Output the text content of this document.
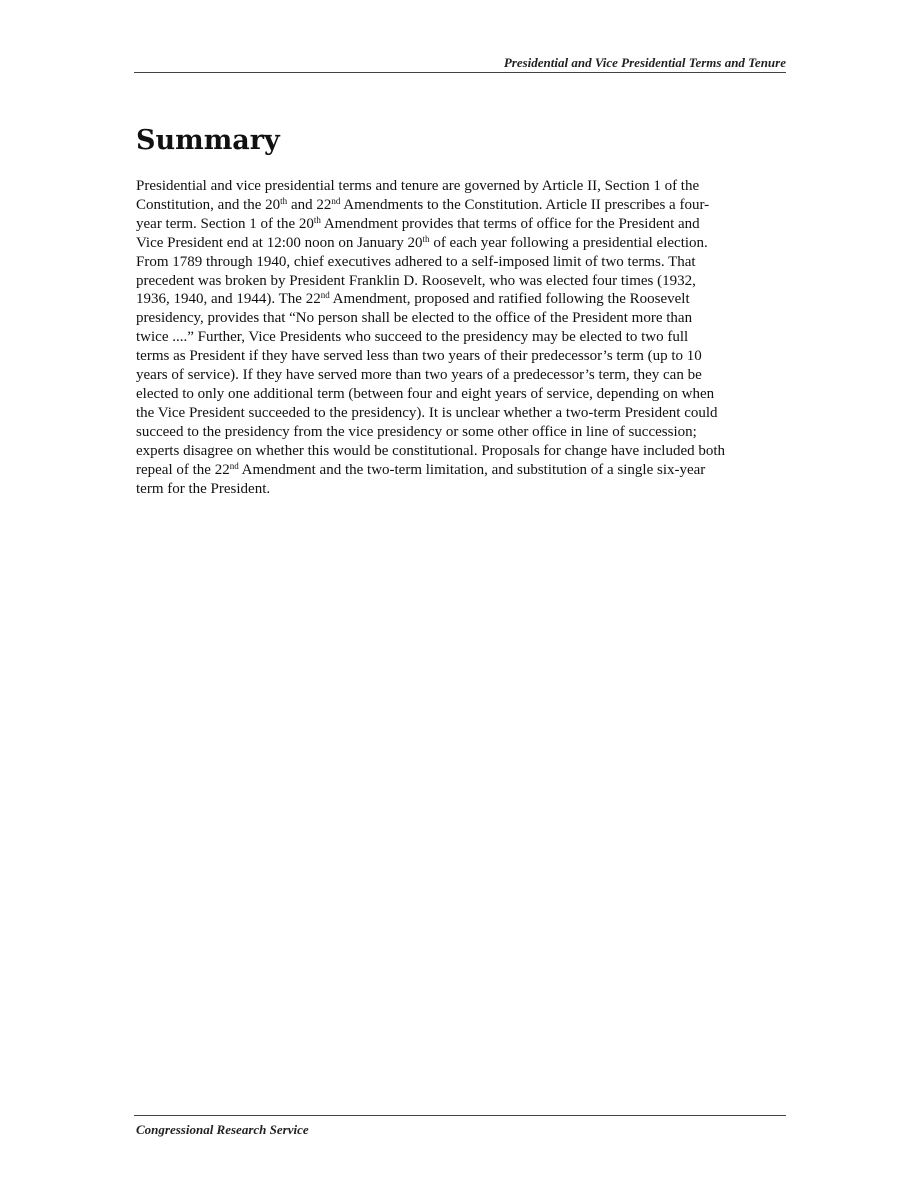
Presidential and Vice Presidential Terms and Tenure
Summary
Presidential and vice presidential terms and tenure are governed by Article II, Section 1 of the
Constitution, and the 20th and 22nd Amendments to the Constitution. Article II prescribes a four-
year term. Section 1 of the 20th Amendment provides that terms of office for the President and
Vice President end at 12:00 noon on January 20th of each year following a presidential election.
From 1789 through 1940, chief executives adhered to a self-imposed limit of two terms. That
precedent was broken by President Franklin D. Roosevelt, who was elected four times (1932,
1936, 1940, and 1944). The 22nd Amendment, proposed and ratified following the Roosevelt
presidency, provides that “No person shall be elected to the office of the President more than
twice ....” Further, Vice Presidents who succeed to the presidency may be elected to two full
terms as President if they have served less than two years of their predecessor’s term (up to 10
years of service). If they have served more than two years of a predecessor’s term, they can be
elected to only one additional term (between four and eight years of service, depending on when
the Vice President succeeded to the presidency). It is unclear whether a two-term President could
succeed to the presidency from the vice presidency or some other office in line of succession;
experts disagree on whether this would be constitutional. Proposals for change have included both
repeal of the 22nd Amendment and the two-term limitation, and substitution of a single six-year
term for the President.
Congressional Research Service
